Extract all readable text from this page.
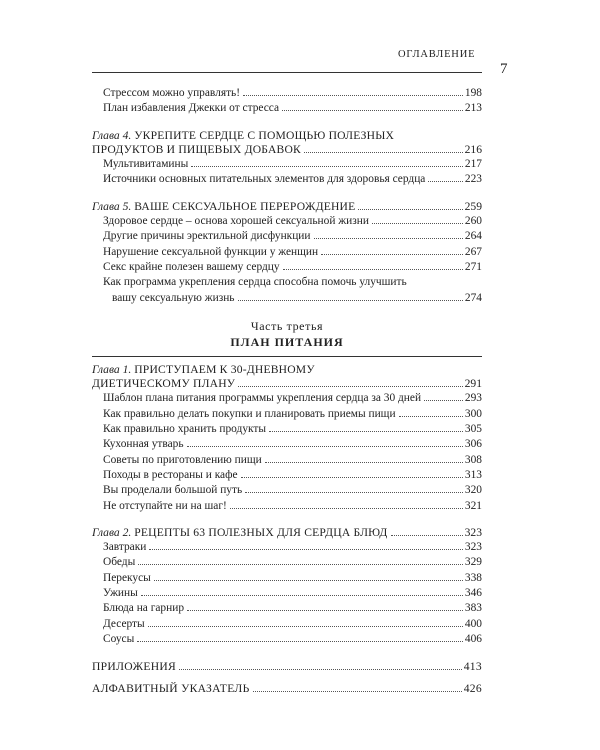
ОГЛАВЛЕНИЕ
7
Стрессом можно управлять!	198
План избавления Джекки от стресса	213
Глава 4. УКРЕПИТЕ СЕРДЦЕ С ПОМОЩЬЮ ПОЛЕЗНЫХ
ПРОДУКТОВ И ПИЩЕВЫХ ДОБАВОК	216
Мультивитамины	217
Источники основных питательных элементов для здоровья сердца	223
Глава 5.
ВАШЕ СЕКСУАЛЬНОЕ ПЕРЕРОЖДЕНИЕ	259
Здоровое сердце – основа хорошей сексуальной жизни	260
Другие причины эректильной дисфункции	264
Нарушение сексуальной функции у женщин	267
Секс крайне полезен вашему сердцу	271
Как программа укрепления сердца способна помочь улучшить
вашу сексуальную жизнь	274
Часть третья
ПЛАН ПИТАНИЯ
Глава 1. ПРИСТУПАЕМ К 30-ДНЕВНОМУ
ДИЕТИЧЕСКОМУ ПЛАНУ	291
Шаблон плана питания программы укрепления сердца за 30 дней	293
Как правильно делать покупки и планировать приемы пищи	300
Как правильно хранить продукты	305
Кухонная утварь	306
Советы по приготовлению пищи	308
Походы в рестораны и кафе	313
Вы проделали большой путь	320
Не отступайте ни на шаг!	321
Глава 2.
РЕЦЕПТЫ 63 ПОЛЕЗНЫХ ДЛЯ СЕРДЦА БЛЮД	323
Завтраки	323
Обеды	329
Перекусы	338
Ужины	346
Блюда на гарнир	383
Десерты	400
Соусы	406
ПРИЛОЖЕНИЯ	413
АЛФАВИТНЫЙ УКАЗАТЕЛЬ	426
